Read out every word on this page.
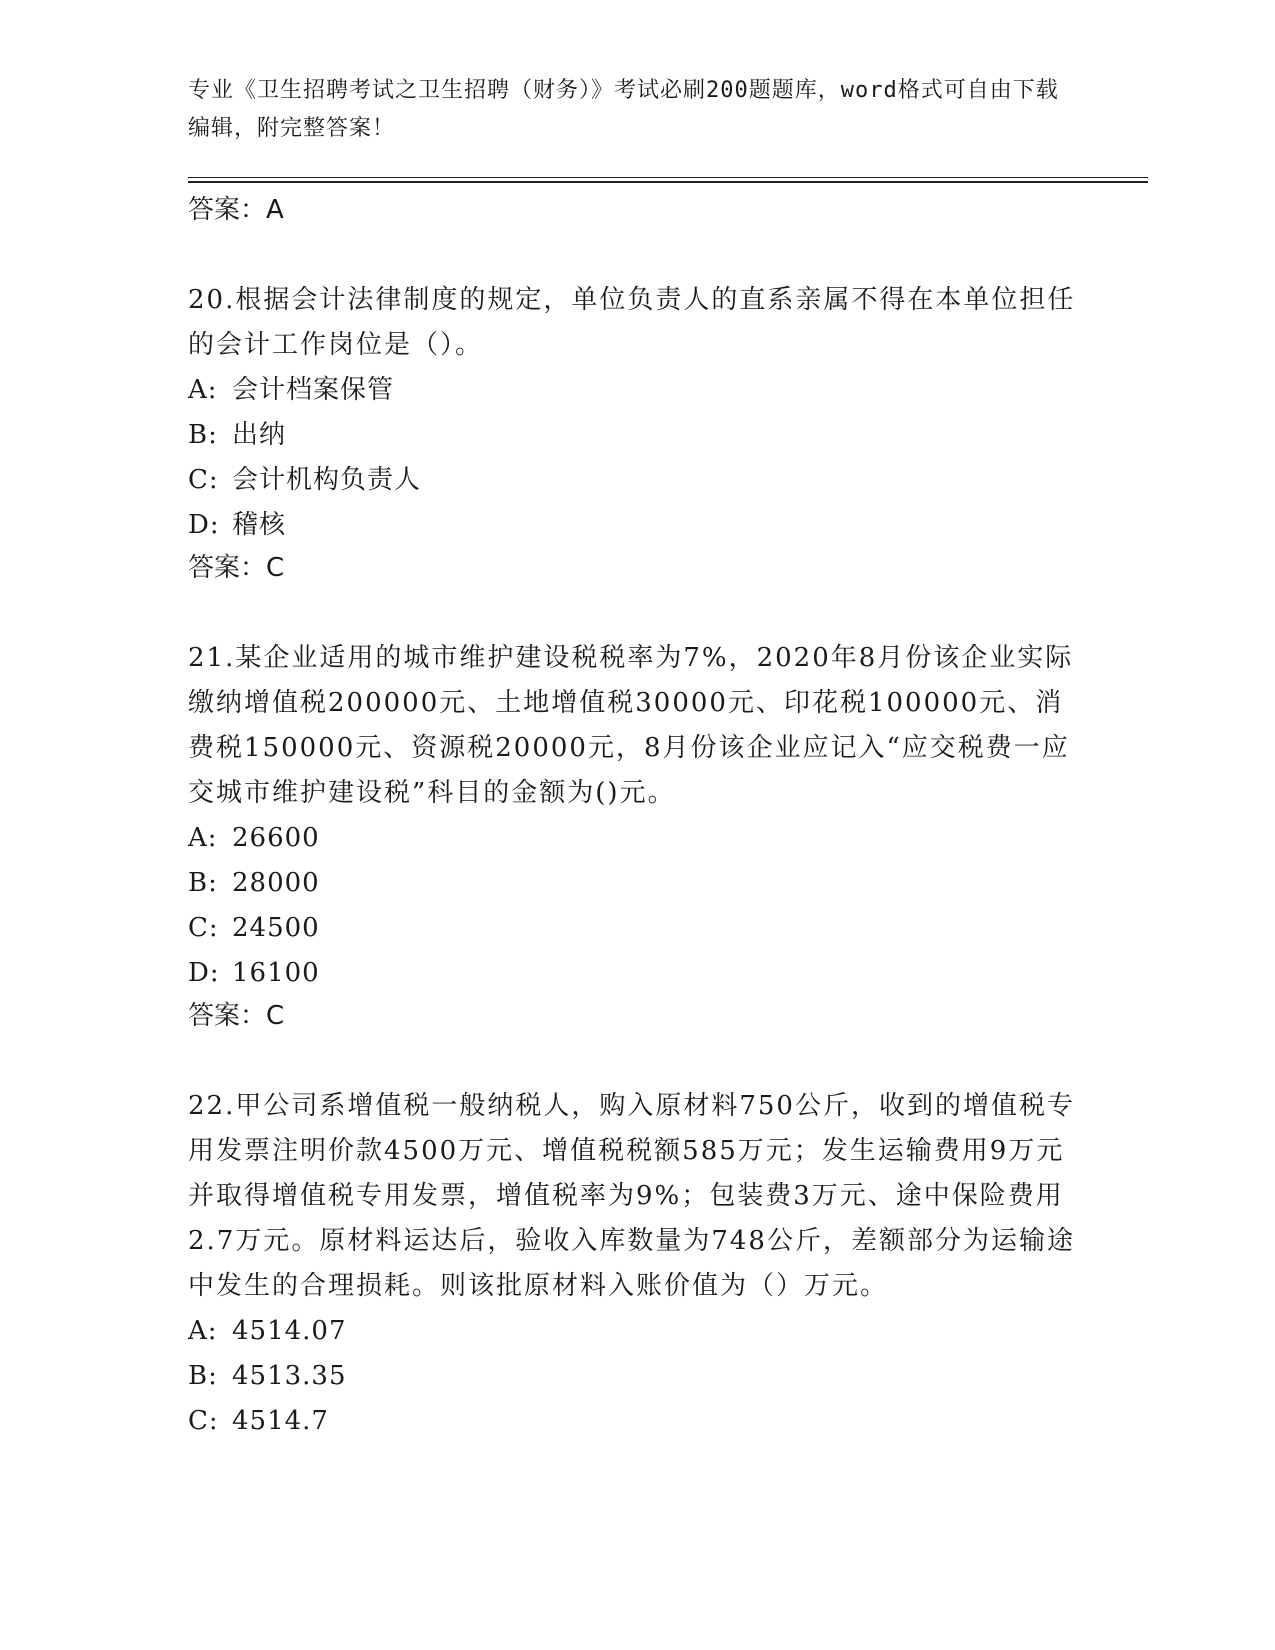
专业《卫生招聘考试之卫生招聘（财务）》考试必刷200题题库，word格式可自由下载编辑，附完整答案！
答案：A

20.根据会计法律制度的规定，单位负责人的直系亲属不得在本单位担任的会计工作岗位是（）。

A: 会计档案保管
B: 出纳
C: 会计机构负责人
D: 稽核
答案：C

21.某企业适用的城市维护建设税税率为7%，2020年8月份该企业实际缴纳增值税200000元、土地增值税30000元、印花税100000元、消费税150000元、资源税20000元，8月份该企业应记入“应交税费一应交城市维护建设税”科目的金额为()元。

A: 26600
B: 28000
C: 24500
D: 16100
答案：C

22.甲公司系增值税一般纳税人，购入原材料750公斤，收到的增值税专用发票注明价款4500万元、增值税税额585万元；发生运输费用9万元并取得增值税专用发票，增值税率为9%；包装费3万元、途中保险费用2.7万元。原材料运达后，验收入库数量为748公斤，差额部分为运输途中发生的合理损耗。则该批原材料入账价值为（）万元。

A: 4514.07
B: 4513.35
C: 4514.7
